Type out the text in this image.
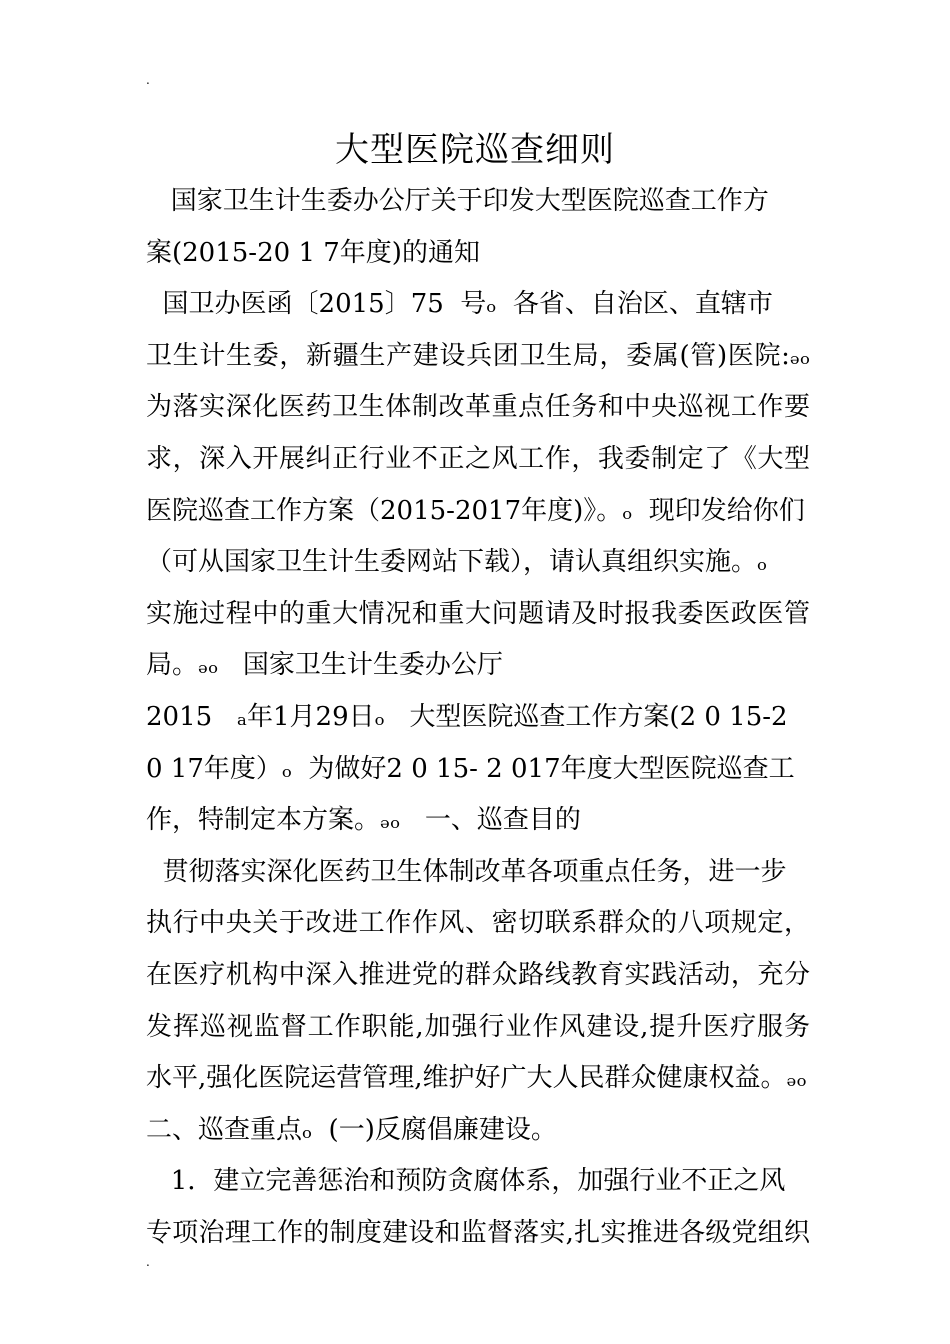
.
大型医院巡查细则
国家卫生计生委办公厅关于印发大型医院巡查工作方
案(2015-20 1 7年度)的通知
国卫办医函〔2015〕75  号ₒ  各省、自治区、直辖市
卫生计生委，新疆生产建设兵团卫生局，委属(管)医院:ₔₒ
为落实深化医药卫生体制改革重点任务和中央巡视工作要
求，深入开展纠正行业不正之风工作，我委制定了《大型
医院巡查工作方案（2015-2017年度)》。ₒ  现印发给你们
（可从国家卫生计生委网站下载），请认真组织实施。ₒ
实施过程中的重大情况和重大问题请及时报我委医政医管
局。ₔₒ   国家卫生计生委办公厅
2015   ₐ年1月29日ₒ   大型医院巡查工作方案(2 0 15-2
0 17年度）ₒ  为做好2 0 15- 2 017年度大型医院巡查工
作，特制定本方案。ₔₒ   一、巡查目的
贯彻落实深化医药卫生体制改革各项重点任务，进一步
执行中央关于改进工作作风、密切联系群众的八项规定，
在医疗机构中深入推进党的群众路线教育实践活动，充分
发挥巡视监督工作职能,加强行业作风建设,提升医疗服务
水平,强化医院运营管理,维护好广大人民群众健康权益。ₔₒ
二、巡查重点ₒ  (一)反腐倡廉建设。
1．建立完善惩治和预防贪腐体系，加强行业不正之风
专项治理工作的制度建设和监督落实,扎实推进各级党组织
.
